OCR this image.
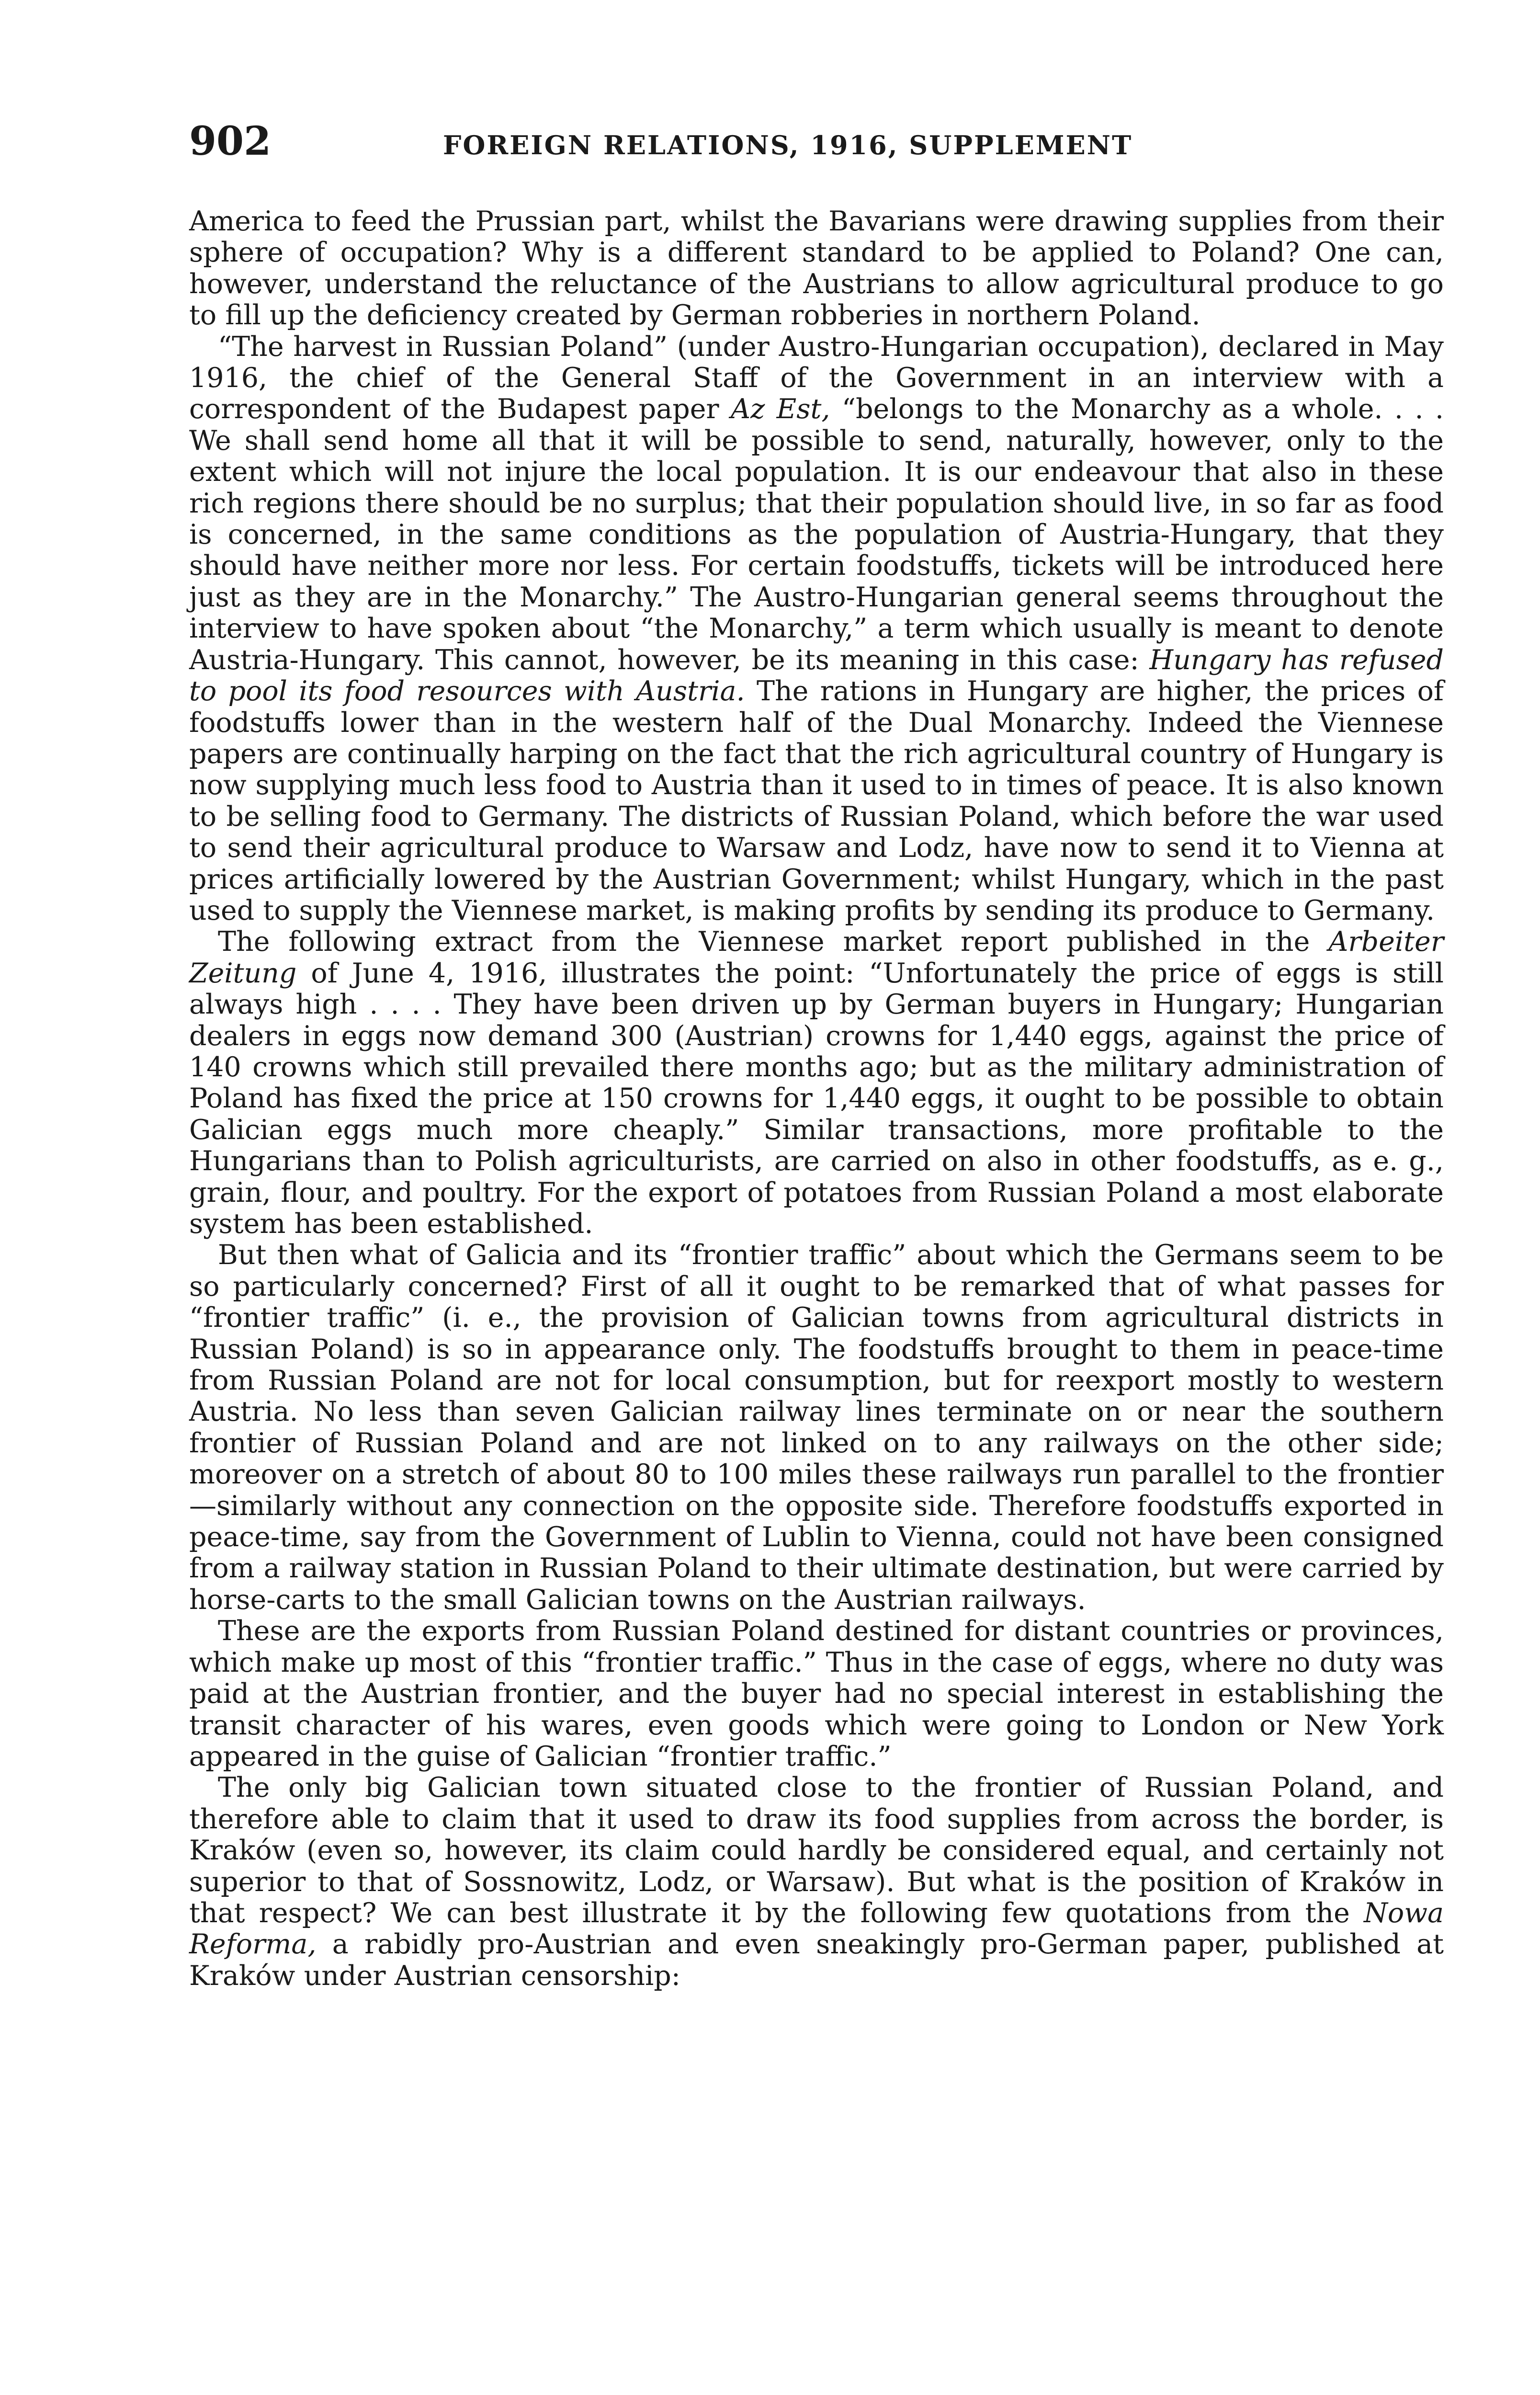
902	FOREIGN RELATIONS, 1916, SUPPLEMENT

America to feed the Prussian part, whilst the Bavarians were drawing supplies from their sphere of occupation? Why is a different standard to be applied to Poland? One can, however, understand the reluctance of the Austrians to allow agricultural produce to go to fill up the deficiency created by German robberies in northern Poland.

“The harvest in Russian Poland” (under Austro-Hungarian occupation), declared in May 1916, the chief of the General Staff of the Government in an interview with a correspondent of the Budapest paper Az Est, “belongs to the Monarchy as a whole. . . . We shall send home all that it will be possible to send, naturally, however, only to the extent which will not injure the local population. It is our endeavour that also in these rich regions there should be no surplus; that their population should live, in so far as food is concerned, in the same conditions as the population of Austria-Hungary, that they should have neither more nor less. For certain foodstuffs, tickets will be introduced here just as they are in the Monarchy.” The Austro-Hungarian general seems throughout the interview to have spoken about “the Monarchy,” a term which usually is meant to denote Austria-Hungary. This cannot, however, be its meaning in this case: Hungary has refused to pool its food resources with Austria. The rations in Hungary are higher, the prices of foodstuffs lower than in the western half of the Dual Monarchy. Indeed the Viennese papers are continually harping on the fact that the rich agricultural country of Hungary is now supplying much less food to Austria than it used to in times of peace. It is also known to be selling food to Germany. The districts of Russian Poland, which before the war used to send their agricultural produce to Warsaw and Lodz, have now to send it to Vienna at prices artificially lowered by the Austrian Government; whilst Hungary, which in the past used to supply the Viennese market, is making profits by sending its produce to Germany.

The following extract from the Viennese market report published in the Arbeiter Zeitung of June 4, 1916, illustrates the point: “Unfortunately the price of eggs is still always high . . . . They have been driven up by German buyers in Hungary; Hungarian dealers in eggs now demand 300 (Austrian) crowns for 1,440 eggs, against the price of 140 crowns which still prevailed there months ago; but as the military administration of Poland has fixed the price at 150 crowns for 1,440 eggs, it ought to be possible to obtain Galician eggs much more cheaply.” Similar transactions, more profitable to the Hungarians than to Polish agriculturists, are carried on also in other foodstuffs, as e. g., grain, flour, and poultry. For the export of potatoes from Russian Poland a most elaborate system has been established.

But then what of Galicia and its “frontier traffic” about which the Germans seem to be so particularly concerned? First of all it ought to be remarked that of what passes for “frontier traffic” (i. e., the provision of Galician towns from agricultural districts in Russian Poland) is so in appearance only. The foodstuffs brought to them in peace-time from Russian Poland are not for local consumption, but for reexport mostly to western Austria. No less than seven Galician railway lines terminate on or near the southern frontier of Russian Poland and are not linked on to any railways on the other side; moreover on a stretch of about 80 to 100 miles these railways run parallel to the frontier—similarly without any connection on the opposite side. Therefore foodstuffs exported in peace-time, say from the Government of Lublin to Vienna, could not have been consigned from a railway station in Russian Poland to their ultimate destination, but were carried by horse-carts to the small Galician towns on the Austrian railways.

These are the exports from Russian Poland destined for distant countries or provinces, which make up most of this “frontier traffic.” Thus in the case of eggs, where no duty was paid at the Austrian frontier, and the buyer had no special interest in establishing the transit character of his wares, even goods which were going to London or New York appeared in the guise of Galician “frontier traffic.”

The only big Galician town situated close to the frontier of Russian Poland, and therefore able to claim that it used to draw its food supplies from across the border, is Kraków (even so, however, its claim could hardly be considered equal, and certainly not superior to that of Sossnowitz, Lodz, or Warsaw). But what is the position of Kraków in that respect? We can best illustrate it by the following few quotations from the Nowa Reforma, a rabidly pro-Austrian and even sneakingly pro-German paper, published at Kraków under Austrian censorship:
